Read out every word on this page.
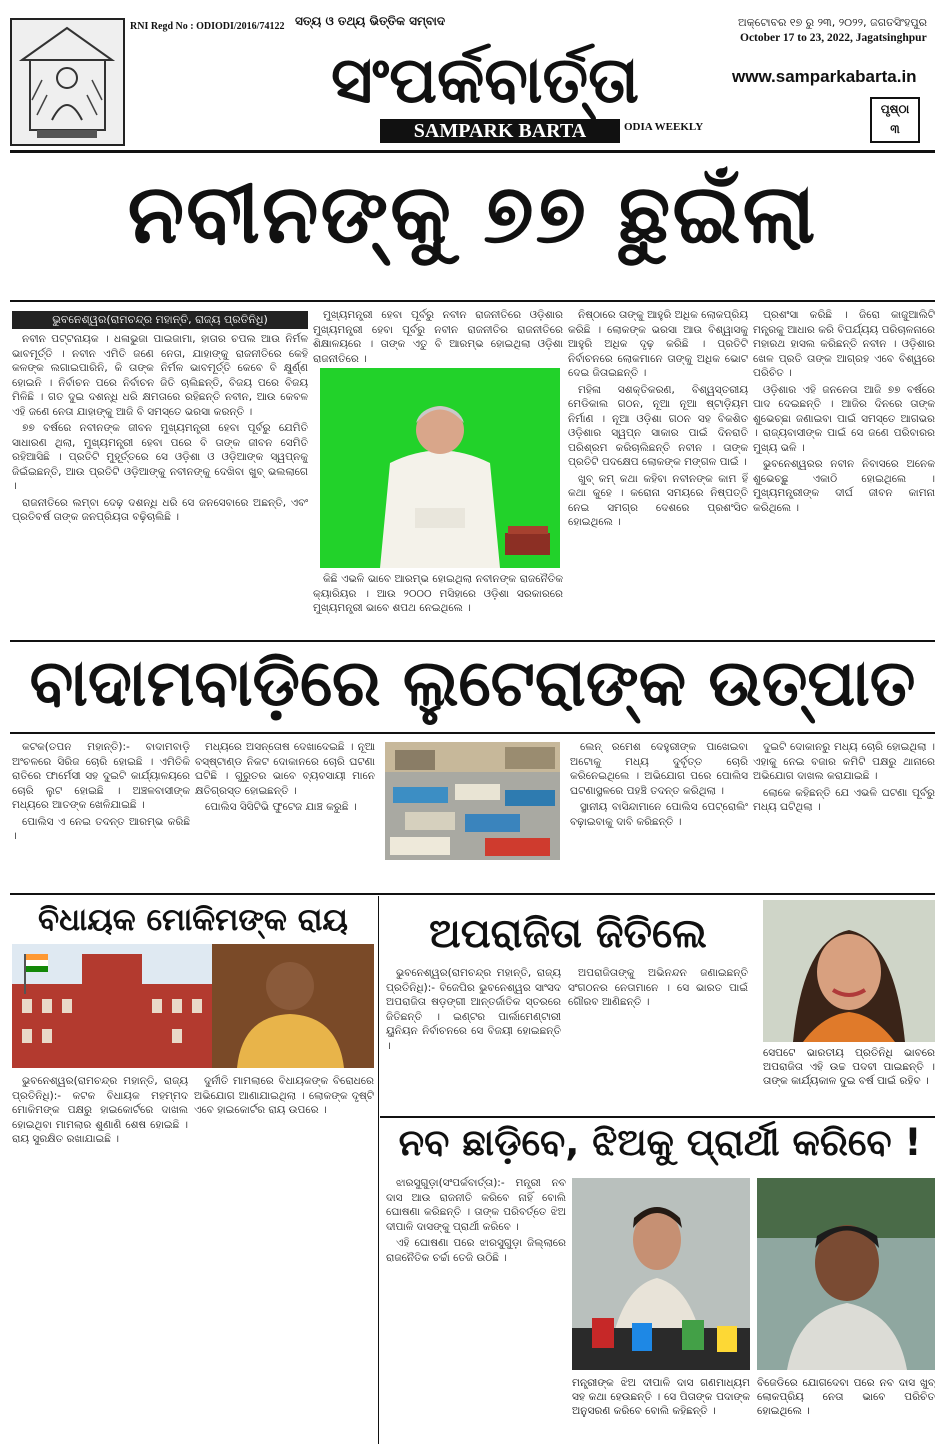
RNI Regd No : ODIODI/2016/74122 ସତ୍ୟ ଓ ତଥ୍ୟ ଭିତ୍ତିକ ସମ୍ବାଦ
ସଂପର୍କବାର୍ତ୍ତା
SAMPARK BARTA	ODIA WEEKLY
ଅକ୍ଟୋବର ୧୭ ରୁ ୨୩, ୨୦୨୨, ଜଗତସିଂହପୁର
October 17 to 23, 2022, Jagatsinghpur
www.samparkabarta.in
ପୃଷ୍ଠା
୩
ନବୀନଙ୍କୁ ୭୭ ଛୁଇଁଲା
ଭୁବନେଶ୍ୱର(ରାମଚନ୍ଦ୍ର ମହାନ୍ତି, ରାଜ୍ୟ ପ୍ରତିନିଧି)

ନବୀନ ପଟ୍ଟନାୟକ । ଧଳାଭୁଜା ପାଇଜାମା, ହାତାର ଚପଲ ଆଉ ନିର୍ମଳ ଭାବମୂର୍ତ୍ତି । ନବୀନ ଏମିତି ଜଣେ ନେତା, ଯାହାଙ୍କୁ ରାଜନୀତିରେ କେହି କଳଙ୍କ ଲଗାଇପାରିନି, କି ତାଙ୍କ ନିର୍ମଳ ଭାବମୂର୍ତ୍ତି କେବେ ବି କ୍ଷୁର୍ଣ୍ଣ ହୋଇନି । ନିର୍ବାଚନ ପରେ ନିର୍ବାଚନ ଜିତି ଚାଲିଛନ୍ତି, ବିଜୟ ପରେ ବିଜୟ ମିଳିଛି । ଗତ ଦୁଇ ଦଶନ୍ଧି ଧରି କ୍ଷମତାରେ ରହିଛନ୍ତି ନବୀନ, ଆଉ କେବଳ ଏହି ଜଣେ ନେତା ଯାହାଙ୍କୁ ଆଜି ବି ସମସ୍ତେ ଭରସା କରନ୍ତି ।

୭୭ ବର୍ଷରେ ନବୀନଙ୍କ ଜୀବନ ମୁଖ୍ୟମନ୍ତ୍ରୀ ହେବା ପୂର୍ବରୁ ଯେମିତି ସାଧାରଣ ଥିଲା, ମୁଖ୍ୟମନ୍ତ୍ରୀ ହେବା ପରେ ବି ତାଙ୍କ ଜୀବନ ସେମିତି ରହିଆସିଛି । ପ୍ରତିଟି ମୁହୂର୍ତ୍ତରେ ସେ ଓଡ଼ିଶା ଓ ଓଡ଼ିଆଙ୍କ ସ୍ୱପ୍ନକୁ ଜିଇଁଇଛନ୍ତି, ଆଉ ପ୍ରତିଟି ଓଡ଼ିଆଙ୍କୁ ନବୀନଙ୍କୁ ଦେଖିବା ଖୁବ୍ ଭଲଲାଗେ ।

ରାଜନୀତିରେ ଲମ୍ବା ଦେଢ଼ ଦଶନ୍ଧି ଧରି ସେ ଜନସେବାରେ ଅଛନ୍ତି, ଏବଂ ପ୍ରତିବର୍ଷ ତାଙ୍କ ଜନପ୍ରିୟତା ବଢ଼ିଚାଲିଛି ।

ମୁଖ୍ୟମନ୍ତ୍ରୀ ହେବା ପୂର୍ବରୁ ନବୀନ ରାଜନୀତିରେ ଓଡ଼ିଶାର ମୁଖ୍ୟମନ୍ତ୍ରୀ ହେବା ପୂର୍ବରୁ ନବୀନ ରାଜନୀତିର ରାଜନୀତିରେ ଶିକ୍ଷାଳୟରେ । ତାଙ୍କ ଏତୁ ବି ଆରମ୍ଭ ହୋଇଥିଲା ଓଡ଼ିଶା ରାଜନୀତିରେ ।

କିଛି ଏଭଳି ଭାବେ ଆରମ୍ଭ ହୋଇଥିଲା ନବୀନଙ୍କ ରାଜନୈତିକ କ୍ୟାରିୟର । ଆଉ ୨୦୦୦ ମସିହାରେ ଓଡ଼ିଶା ସରକାରରେ ମୁଖ୍ୟମନ୍ତ୍ରୀ ଭାବେ ଶପଥ ନେଇଥିଲେ ।

ନିଷ୍ଠାରେ ତାଙ୍କୁ ଆହୁରି ଅଧିକ ଲୋକପ୍ରିୟ କରିଛି । ଲୋକଙ୍କ ଭରସା ଆଉ ବିଶ୍ୱାସକୁ ଆହୁରି ଅଧିକ ଦୃଢ଼ କରିଛି । ପ୍ରତିଟି ନିର୍ବାଚନରେ ଲୋକମାନେ ତାଙ୍କୁ ଅଧିକ ଭୋଟ ଦେଇ ଜିତାଇଛନ୍ତି ।

ମହିଳା ସଶକ୍ତିକରଣ, ବିଶ୍ୱସ୍ତରୀୟ ମେଡିକାଲ ଗଠନ, ନୂଆ ନୂଆ ଷ୍ଟାଡ଼ିୟମ ନିର୍ମାଣ । ନୂଆ ଓଡ଼ିଶା ଗଠନ ସହ ବିକଶିତ ଓଡ଼ିଶାର ସ୍ୱପ୍ନ ସାକାର ପାଇଁ ଦିନରାତି ପରିଶ୍ରମ କରିଚାଲିଛନ୍ତି ନବୀନ । ତାଙ୍କ ପ୍ରତିଟି ପଦକ୍ଷେପ ଲୋକଙ୍କ ମଙ୍ଗଳ ପାଇଁ ।

ଖୁବ୍ କମ୍ କଥା କହିବା ନବୀନଙ୍କ କାମ ହିଁ କଥା କୁହେ । କରୋନା ସମୟରେ ନିଷ୍ପତ୍ତି ନେଇ ସମଗ୍ର ଦେଶରେ ପ୍ରଶଂସିତ ହୋଇଥିଲେ ।

ପ୍ରଶଂସା କରିଛି । ଜିରୋ କାଜୁଆଲିଟି ମନ୍ତ୍ରକୁ ଆଧାର କରି ବିପର୍ଯ୍ୟୟ ପରିଚାଳନାରେ ମହାରଥ ହାସଲ କରିଛନ୍ତି ନବୀନ । ଓଡ଼ିଶାର ଖେଳ ପ୍ରତି ତାଙ୍କ ଆଗ୍ରହ ଏବେ ବିଶ୍ୱରେ ପରିଚିତ ।

ଓଡ଼ିଶାର ଏହି ଜନନେତା ଆଜି ୭୭ ବର୍ଷରେ ପାଦ ଦେଇଛନ୍ତି । ଆଜିର ଦିନରେ ତାଙ୍କ ଶୁଭେଚ୍ଛା ଜଣାଇବା ପାଇଁ ସମସ୍ତେ ଆଗଭର । ରାଜ୍ୟବାସୀଙ୍କ ପାଇଁ ସେ ଜଣେ ପରିବାରର ମୁଖ୍ୟ ଭଳି ।

ଭୁବନେଶ୍ୱରର ନବୀନ ନିବାସରେ ଅନେକ ଶୁଭେଚ୍ଛୁ ଏକାଠି ହୋଇଥିଲେ । ମୁଖ୍ୟମନ୍ତ୍ରୀଙ୍କ ଦୀର୍ଘ ଜୀବନ କାମନା କରିଥିଲେ ।

ବାଦାମବାଡ଼ିରେ ଲୁଟେରାଙ୍କ ଉତ୍ପାତ

କଟକ(ତପନ ମହାନ୍ତି):- ବାଦାମବାଡ଼ି ଅଂଚଳରେ ସିରିଜ ଚୋରି ହୋଇଛି । ଏମିତିକି ରାତିରେ ଫାର୍ମେସୀ ସହ ଦୁଇଟି କାର୍ଯ୍ୟାଳୟରେ ଚୋରି ଲୁଟ ହୋଇଛି । ଅଞ୍ଚଳବାସୀଙ୍କ ମଧ୍ୟରେ ଆତଙ୍କ ଖେଳିଯାଇଛି ।

ପୋଲିସ ଏ ନେଇ ତଦନ୍ତ ଆରମ୍ଭ କରିଛି ।

ମଧ୍ୟରେ ଅସନ୍ତୋଷ ଦେଖାଦେଇଛି । ନୂଆ ବସ୍ଷ୍ଟାଣ୍ଡ ନିକଟ ଦୋକାନରେ ଚୋରି ଘଟଣା ଘଟିଛି । ଗୁରୁତର ଭାବେ ବ୍ୟବସାୟୀ ମାନେ କ୍ଷତିଗ୍ରସ୍ତ ହୋଇଛନ୍ତି ।

ପୋଲିସ ସିସିଟିଭି ଫୁଟେଜ ଯାଞ୍ଚ କରୁଛି ।

ଲେନ୍ ରମେଶ ଦେହୁରୀଙ୍କ ପାଖେଇବା ଅଟୋକୁ ମଧ୍ୟ ଦୁର୍ବୃତ୍ତ ଚୋରି କରିନେଇଥିଲେ । ଅଭିଯୋଗ ପରେ ପୋଲିସ ଘଟଣାସ୍ଥଳରେ ପହଞ୍ଚି ତଦନ୍ତ କରିଥିଲା ।

ସ୍ଥାନୀୟ ବାସିନ୍ଦାମାନେ ପୋଲିସ ପେଟ୍ରୋଲିଂ ବଢ଼ାଇବାକୁ ଦାବି କରିଛନ୍ତି ।

ଦୁଇଟି ଦୋକାନରୁ ମଧ୍ୟ ଚୋରି ହୋଇଥିଲା । ଏହାକୁ ନେଇ ବଜାର କମିଟି ପକ୍ଷରୁ ଥାନାରେ ଅଭିଯୋଗ ଦାଖଲ କରାଯାଇଛି ।

ଲୋକେ କହିଛନ୍ତି ଯେ ଏଭଳି ଘଟଣା ପୂର୍ବରୁ ମଧ୍ୟ ଘଟିଥିଲା ।

ବିଧାୟକ ମୋକିମଙ୍କ ରାୟ

ଭୁବନେଶ୍ୱର(ରାମଚନ୍ଦ୍ର ମହାନ୍ତି, ରାଜ୍ୟ ପ୍ରତିନିଧି):- କଟକ ବିଧାୟକ ମହମ୍ମଦ ମୋକିମଙ୍କ ପକ୍ଷରୁ ହାଇକୋର୍ଟରେ ଦାଖଲ ହୋଇଥିବା ମାମଲାର ଶୁଣାଣି ଶେଷ ହୋଇଛି । ରାୟ ସୁରକ୍ଷିତ ରଖାଯାଇଛି ।

ଦୁର୍ନୀତି ମାମଲାରେ ବିଧାୟକଙ୍କ ବିରୋଧରେ ଅଭିଯୋଗ ଆଣାଯାଇଥିଲା । ଲୋକଙ୍କ ଦୃଷ୍ଟି ଏବେ ହାଇକୋର୍ଟର ରାୟ ଉପରେ ।

ଅପରାଜିତା ଜିତିଲେ

ଭୁବନେଶ୍ୱର(ରାମଚନ୍ଦ୍ର ମହାନ୍ତି, ରାଜ୍ୟ ପ୍ରତିନିଧି):- ବିଜେପିର ଭୁବନେଶ୍ୱର ସାଂସଦ ଅପରାଜିତା ଷଡ଼ଙ୍ଗୀ ଆନ୍ତର୍ଜାତିକ ସ୍ତରରେ ଜିତିଛନ୍ତି । ଇଣ୍ଟର ପାର୍ଲାମେଣ୍ଟାରୀ ୟୁନିୟନ ନିର୍ବାଚନରେ ସେ ବିଜୟୀ ହୋଇଛନ୍ତି ।

ଅପରାଜିତାଙ୍କୁ ଅଭିନନ୍ଦନ ଜଣାଇଛନ୍ତି ସଂଗଠନର ନେତାମାନେ । ସେ ଭାରତ ପାଇଁ ଗୌରବ ଆଣିଛନ୍ତି ।

ସେପଟେ ଭାରତୀୟ ପ୍ରତିନିଧି ଭାବରେ ଅପରାଜିତା ଏହି ଉଚ୍ଚ ପଦବୀ ପାଇଛନ୍ତି । ତାଙ୍କ କାର୍ଯ୍ୟକାଳ ଦୁଇ ବର୍ଷ ପାଇଁ ରହିବ ।
ନବ ଛାଡ଼ିବେ, ଝିଅକୁ ପ୍ରାର୍ଥୀ କରିବେ !

ଝାରସୁଗୁଡ଼ା(ସଂପର୍କବାର୍ତ୍ତା):- ମନ୍ତ୍ରୀ ନବ ଦାସ ଆଉ ରାଜନୀତି କରିବେ ନାହିଁ ବୋଲି ଘୋଷଣା କରିଛନ୍ତି । ତାଙ୍କ ପରିବର୍ତ୍ତେ ଝିଅ ଦୀପାଳି ଦାସଙ୍କୁ ପ୍ରାର୍ଥୀ କରିବେ ।

ଏହି ଘୋଷଣା ପରେ ଝାରସୁଗୁଡ଼ା ଜିଲ୍ଲାରେ ରାଜନୈତିକ ଚର୍ଚ୍ଚା ତେଜି ଉଠିଛି ।

ମନ୍ତ୍ରୀଙ୍କ ଝିଅ ଦୀପାଳି ଦାସ ଗଣମାଧ୍ୟମ ସହ କଥା ହେଉଛନ୍ତି । ସେ ପିତାଙ୍କ ପଦାଙ୍କ ଅନୁସରଣ କରିବେ ବୋଲି କହିଛନ୍ତି ।
ବିଜେଡିରେ ଯୋଗଦେବା ପରେ ନବ ଦାସ ଖୁବ୍ ଲୋକପ୍ରିୟ ନେତା ଭାବେ ପରିଚିତ ହୋଇଥିଲେ ।
